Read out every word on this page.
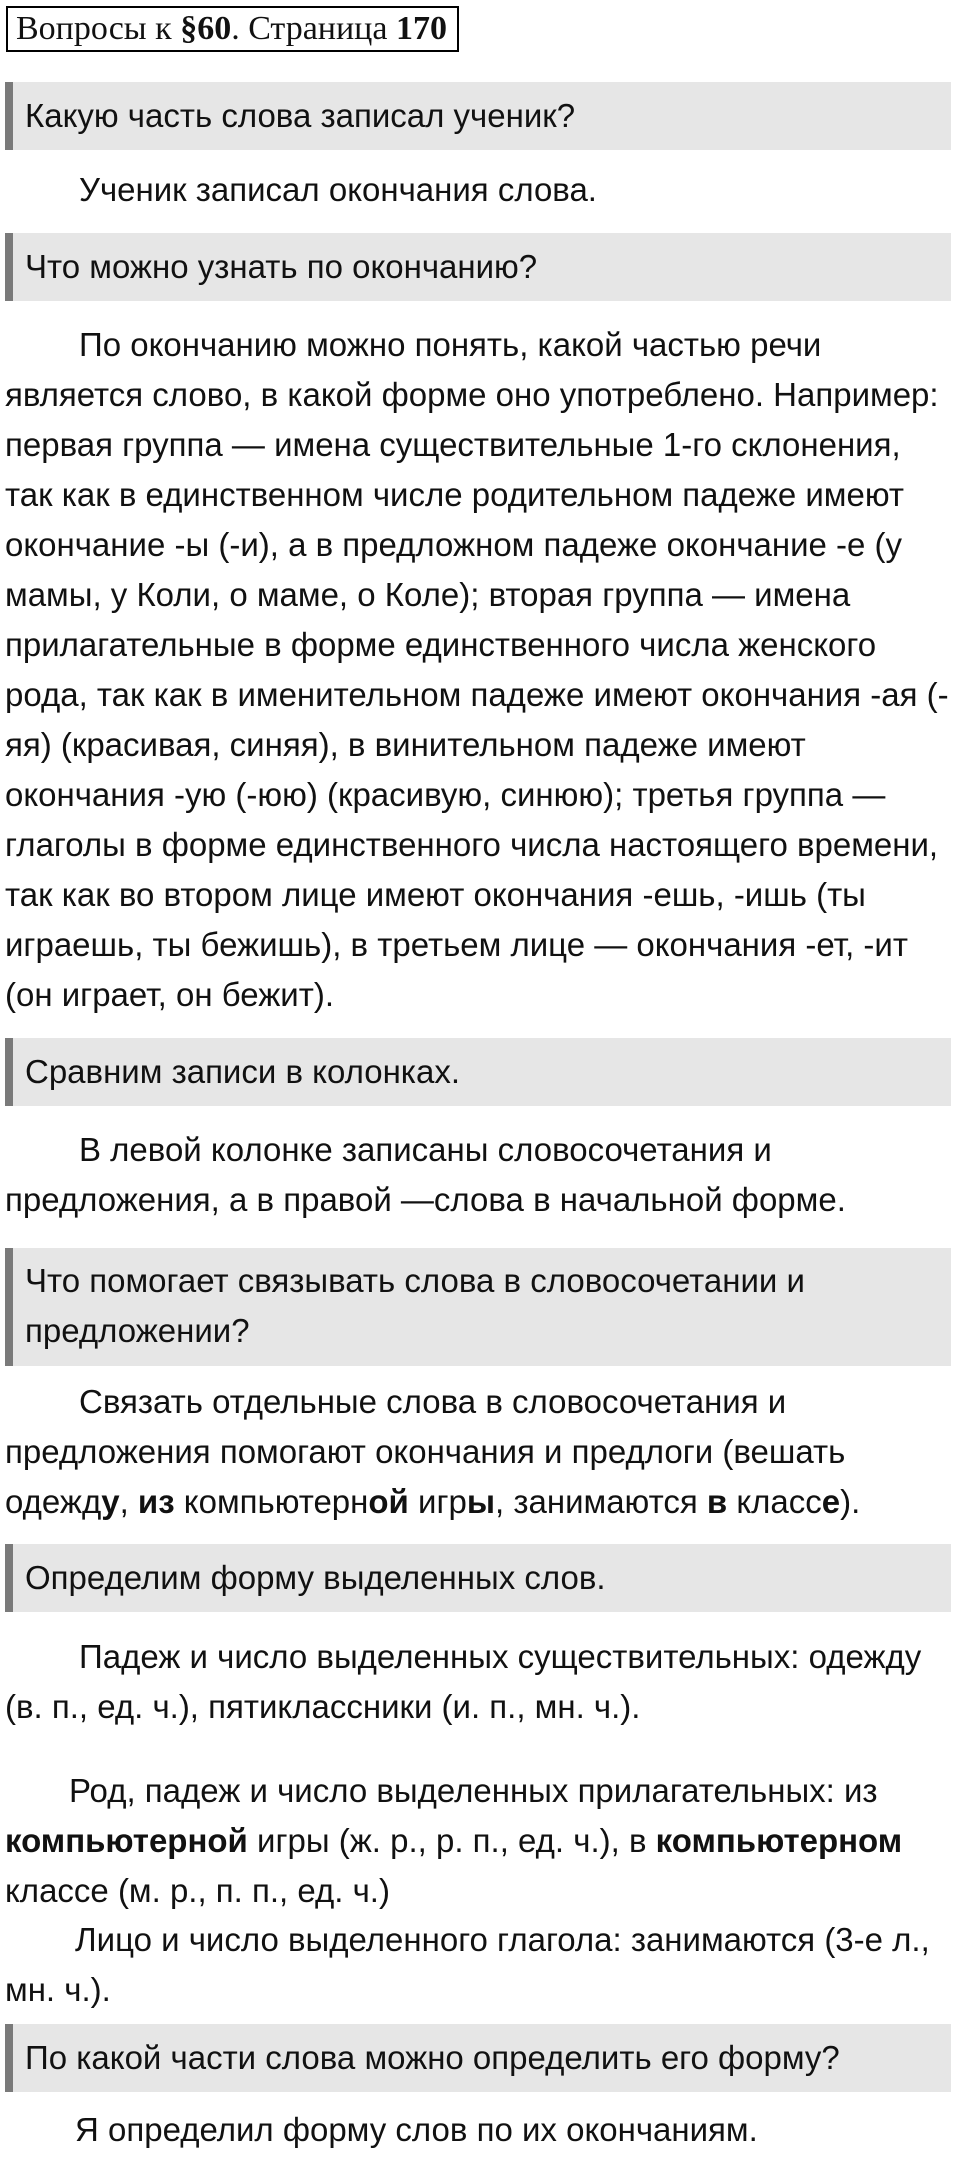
Вопросы к §60. Страница 170
Какую часть слова записал ученик?

Ученик записал окончания слова.

Что можно узнать по окончанию?

По окончанию можно понять, какой частью речи является слово, в какой форме оно употреблено. Например: первая группа — имена существительные 1-го склонения, так как в единственном числе родительном падеже имеют окончание -ы (-и), а в предложном падеже окончание -е (у мамы, у Коли, о маме, о Коле); вторая группа — имена прилагательные в форме единственного числа женского рода, так как в именительном падеже имеют окончания -ая (-яя) (красивая, синяя), в винительном падеже имеют окончания -ую (-юю) (красивую, синюю); третья группа — глаголы в форме единственного числа настоящего времени, так как во втором лице имеют окончания -ешь, -ишь (ты играешь, ты бежишь), в третьем лице — окончания -ет, -ит (он играет, он бежит).

Сравним записи в колонках.

В левой колонке записаны словосочетания и предложения, а в правой —слова в начальной форме.

Что помогает связывать слова в словосочетании и предложении?

Связать отдельные слова в словосочетания и предложения помогают окончания и предлоги (вешать одежду, из компьютерной игры, занимаются в классе).

Определим форму выделенных слов.

Падеж и число выделенных существительных: одежду (в. п., ед. ч.), пятиклассники (и. п., мн. ч.).

Род, падеж и число выделенных прилагательных: из компьютерной игры (ж. р., р. п., ед. ч.), в компьютерном классе (м. р., п. п., ед. ч.)

Лицо и число выделенного глагола: занимаются (3-е л., мн. ч.).

По какой части слова можно определить его форму?

Я определил форму слов по их окончаниям.
